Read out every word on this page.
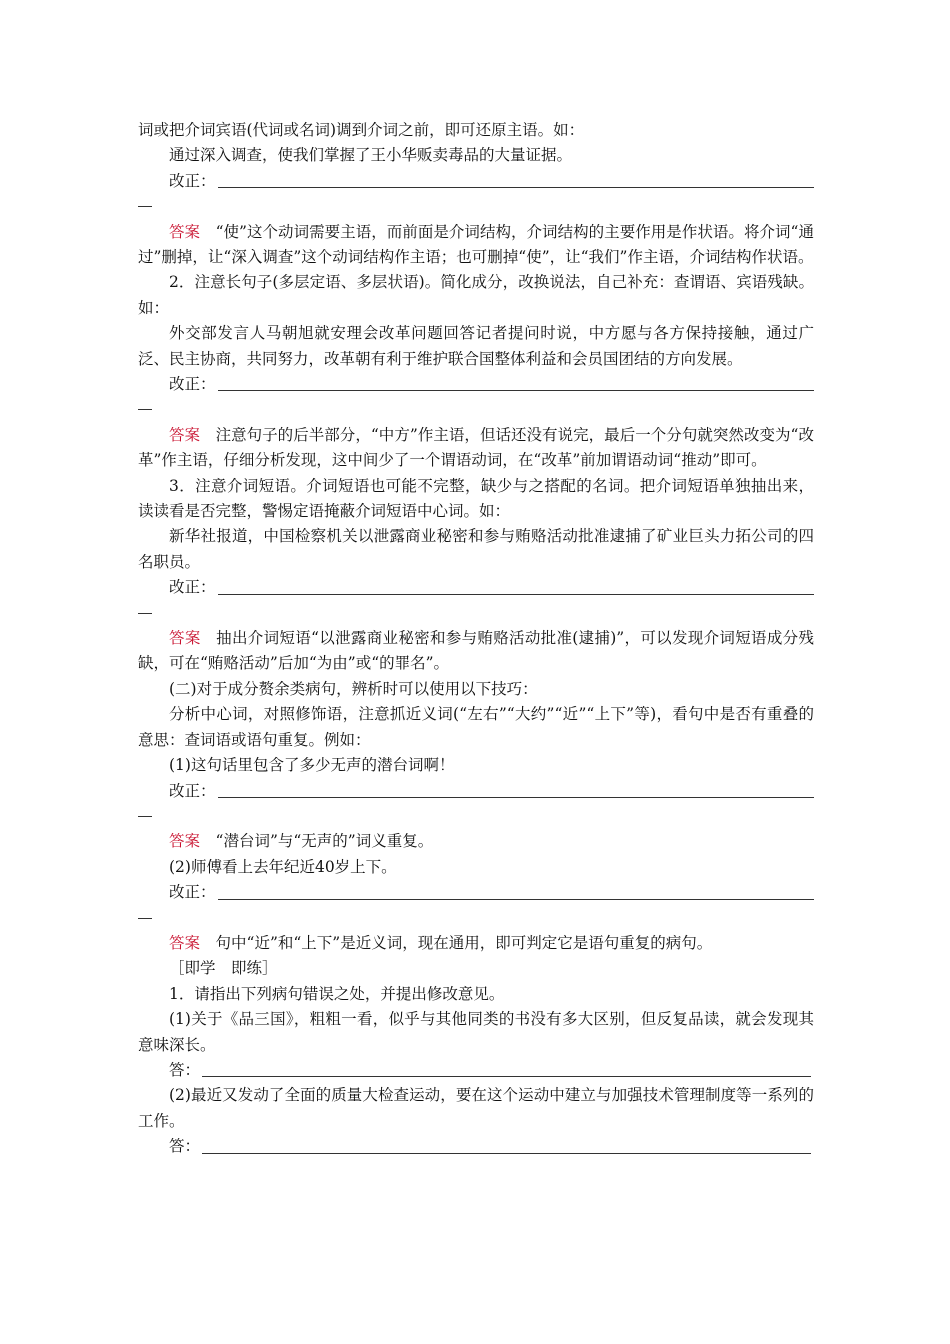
词或把介词宾语(代词或名词)调到介词之前，即可还原主语。如：

通过深入调查，使我们掌握了王小华贩卖毒品的大量证据。

改正：

答案 “使”这个动词需要主语，而前面是介词结构，介词结构的主要作用是作状语。将介词“通过”删掉，让“深入调查”这个动词结构作主语；也可删掉“使”，让“我们”作主语，介词结构作状语。

2．注意长句子(多层定语、多层状语)。简化成分，改换说法，自己补充：查谓语、宾语残缺。如：

外交部发言人马朝旭就安理会改革问题回答记者提问时说，中方愿与各方保持接触，通过广泛、民主协商，共同努力，改革朝有利于维护联合国整体利益和会员国团结的方向发展。

改正：

答案 注意句子的后半部分，“中方”作主语，但话还没有说完，最后一个分句就突然改变为“改革”作主语，仔细分析发现，这中间少了一个谓语动词，在“改革”前加谓语动词“推动”即可。

3．注意介词短语。介词短语也可能不完整，缺少与之搭配的名词。把介词短语单独抽出来，读读看是否完整，警惕定语掩蔽介词短语中心词。如：

新华社报道，中国检察机关以泄露商业秘密和参与贿赂活动批准逮捕了矿业巨头力拓公司的四名职员。

改正：

答案 抽出介词短语“以泄露商业秘密和参与贿赂活动批准(逮捕)”，可以发现介词短语成分残缺，可在“贿赂活动”后加“为由”或“的罪名”。

(二)对于成分赘余类病句，辨析时可以使用以下技巧：

分析中心词，对照修饰语，注意抓近义词(“左右”“大约”“近”“上下”等)，看句中是否有重叠的意思：查词语或语句重复。例如：

(1)这句话里包含了多少无声的潜台词啊！

改正：

答案 “潜台词”与“无声的”词义重复。

(2)师傅看上去年纪近40岁上下。

改正：

答案 句中“近”和“上下”是近义词，现在通用，即可判定它是语句重复的病句。

［即学　即练］

1．请指出下列病句错误之处，并提出修改意见。

(1)关于《品三国》，粗粗一看，似乎与其他同类的书没有多大区别，但反复品读，就会发现其意味深长。

答：

(2)最近又发动了全面的质量大检查运动，要在这个运动中建立与加强技术管理制度等一系列的工作。

答：
